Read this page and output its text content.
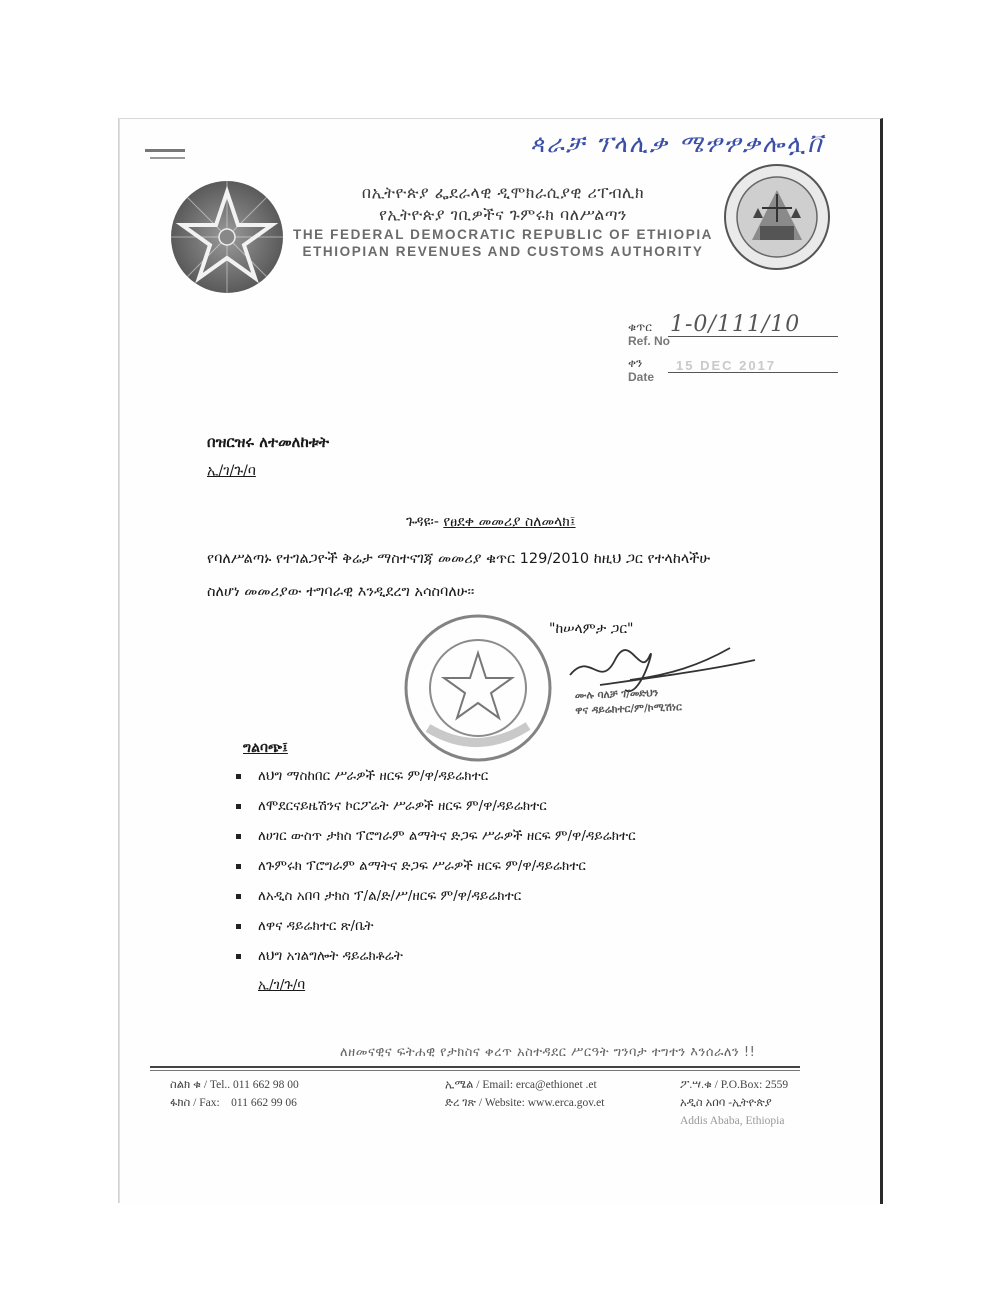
ጳራቻ ፕላሊቃ ሜፇፇቃሎሏቨ
በኢትዮጵያ ፌደራላዊ ዲሞክራሲያዊ ሪፐብሊክ
የኢትዮጵያ ገቢዎችና ጉምሩክ ባለሥልጣን
THE FEDERAL DEMOCRATIC REPUBLIC OF ETHIOPIA
ETHIOPIAN REVENUES AND CUSTOMS AUTHORITY
ቁጥር
Ref. No
1-0/111/10
ቀን
Date
15 DEC 2017
በዝርዝሩ ለተመለከቱት
ኢ/ገ/ጉ/ባ
ጉዳዩ፡- የፀደቀ መመሪያ ስለመላክ፤
የባለሥልጣኑ የተገልጋዮች ቅሬታ ማስተናገጃ መመሪያ ቁጥር 129/2010 ከዚህ ጋር የተላከላችሁ
ስለሆነ መመሪያው ተግባራዊ እንዲደረግ አሳስባለሁ፡፡
"ከሠላምታ ጋር"
ሙሉ ባለቻ ገ/መድህን
ዋና ዳይሬክተር/ም/ኮሚሽነር
ግልባጭ፤
ለህግ ማስከበር ሥራዎች ዘርፍ ም/ዋ/ዳይሬክተር
ለሞደርናይዜሽንና ኮርፖሬት ሥራዎች ዘርፍ ም/ዋ/ዳይሬክተር
ለሀገር ውስጥ ታክስ ፕሮግራም ልማትና ድጋፍ ሥራዎች ዘርፍ ም/ዋ/ዳይሬክተር
ለጉምሩክ ፕሮግራም ልማትና ድጋፍ ሥራዎች ዘርፍ ም/ዋ/ዳይሬክተር
ለአዲስ አበባ ታክስ ፕ/ል/ድ/ሥ/ዘርፍ ም/ዋ/ዳይሬክተር
ለዋና ዳይሬክተር ጽ/ቤት
ለህግ አገልግሎት ዳይሬክቶሬት
ኢ/ገ/ጉ/ባ
ለዘመናዊና ፍትሐዊ የታክስና ቀረጥ አስተዳደር ሥርዓት ግንባታ ተግተን እንሰራለን !!
ስልክ ቁ / Tel.. 011 662 98 00
ፋክስ / Fax:    011 662 99 06
ኢሜል / Email: erca@ethionet .et
ድረ ገጽ / Website: www.erca.gov.et
ፖ.ሣ.ቁ / P.O.Box: 2559
አዲስ አበባ -ኢትዮጵያ
Addis Ababa, Ethiopia
